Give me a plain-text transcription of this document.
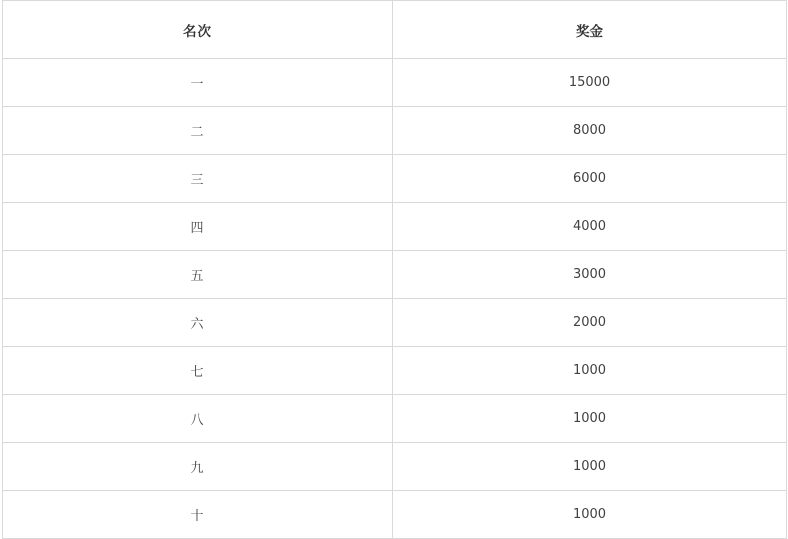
名次	奖金
一	15000
二	8000
三	6000
四	4000
五	3000
六	2000
七	1000
八	1000
九	1000
十	1000
